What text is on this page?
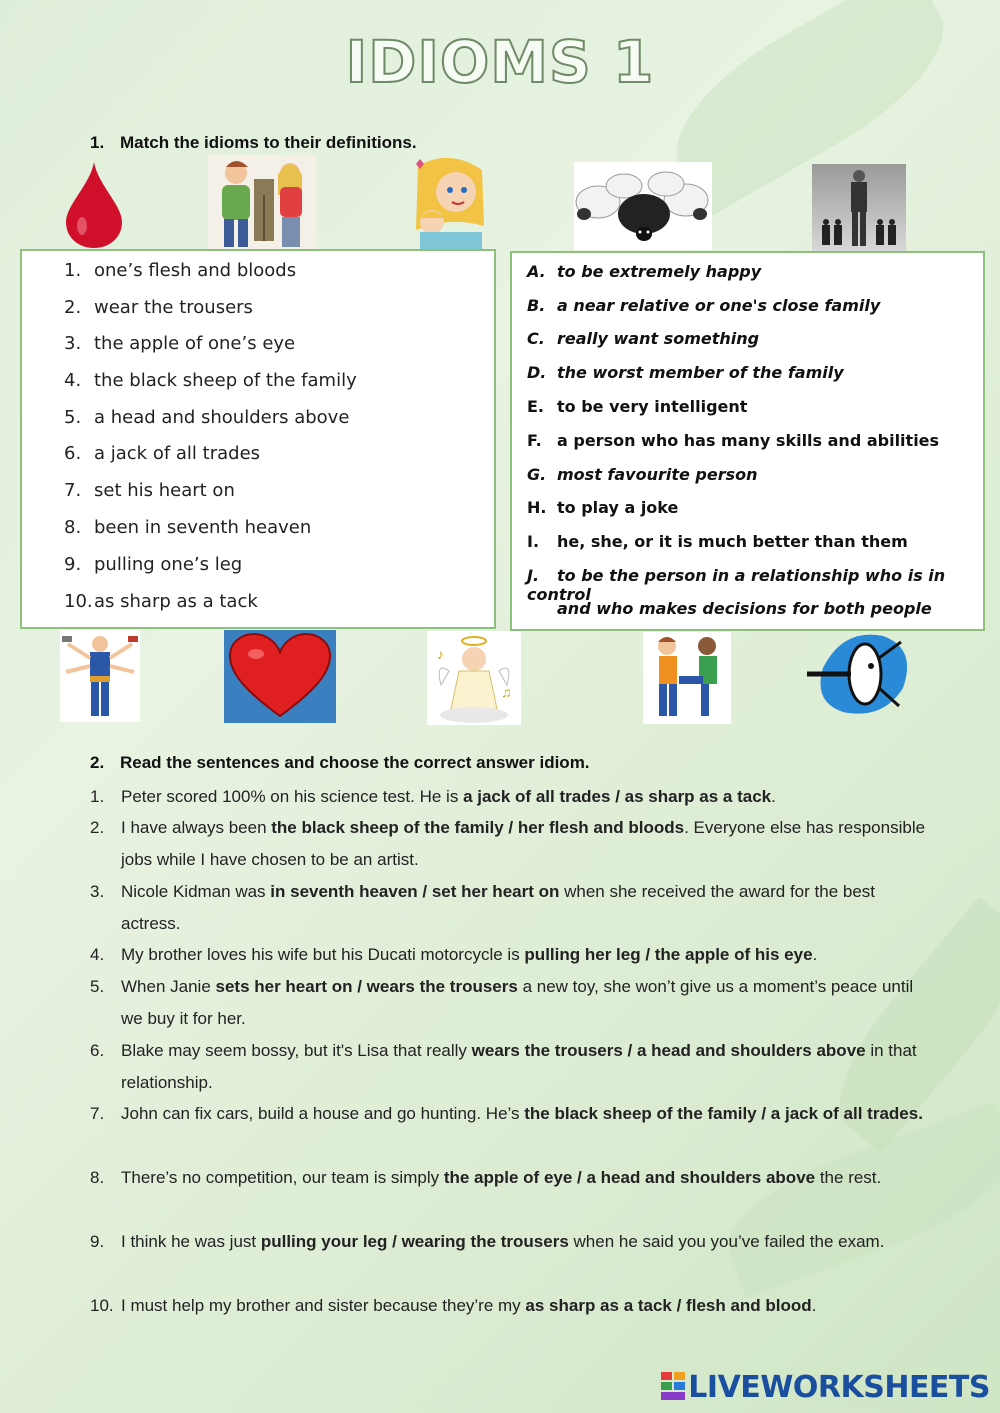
IDIOMS 1
1. Match the idioms to their definitions.
1. one’s flesh and bloods
2. wear the trousers
3. the apple of one’s eye
4. the black sheep of the family
5. a head and shoulders above
6. a jack of all trades
7. set his heart on
8. been in seventh heaven
9. pulling one’s leg
10.as sharp as a tack
A. to be extremely happy
B. a near relative or one's close family
C. really want something
D. the worst member of the family
E. to be very intelligent
F. a person who has many skills and abilities
G. most favourite person
H. to play a joke
I. he, she, or it is much better than them
J. to be the person in a relationship who is in control
and who makes decisions for both people
♪
♫
2. Read the sentences and choose the correct answer idiom.
1. Peter scored 100% on his science test. He is a jack of all trades / as sharp as a tack.
2. I have always been the black sheep of the family / her flesh and bloods. Everyone else has responsible jobs while I have chosen to be an artist.
3. Nicole Kidman was in seventh heaven / set her heart on when she received the award for the best actress.
4. My brother loves his wife but his Ducati motorcycle is pulling her leg / the apple of his eye.
5. When Janie sets her heart on / wears the trousers a new toy, she won’t give us a moment’s peace until we buy it for her.
6. Blake may seem bossy, but it's Lisa that really wears the trousers / a head and shoulders above in that relationship.
7. John can fix cars, build a house and go hunting. He’s the black sheep of the family / a jack of all trades.
8. There’s no competition, our team is simply the apple of eye / a head and shoulders above the rest.
9. I think he was just pulling your leg / wearing the trousers when he said you you’ve failed the exam.
10. I must help my brother and sister because they’re my as sharp as a tack / flesh and blood.
LIVEWORKSHEETS
